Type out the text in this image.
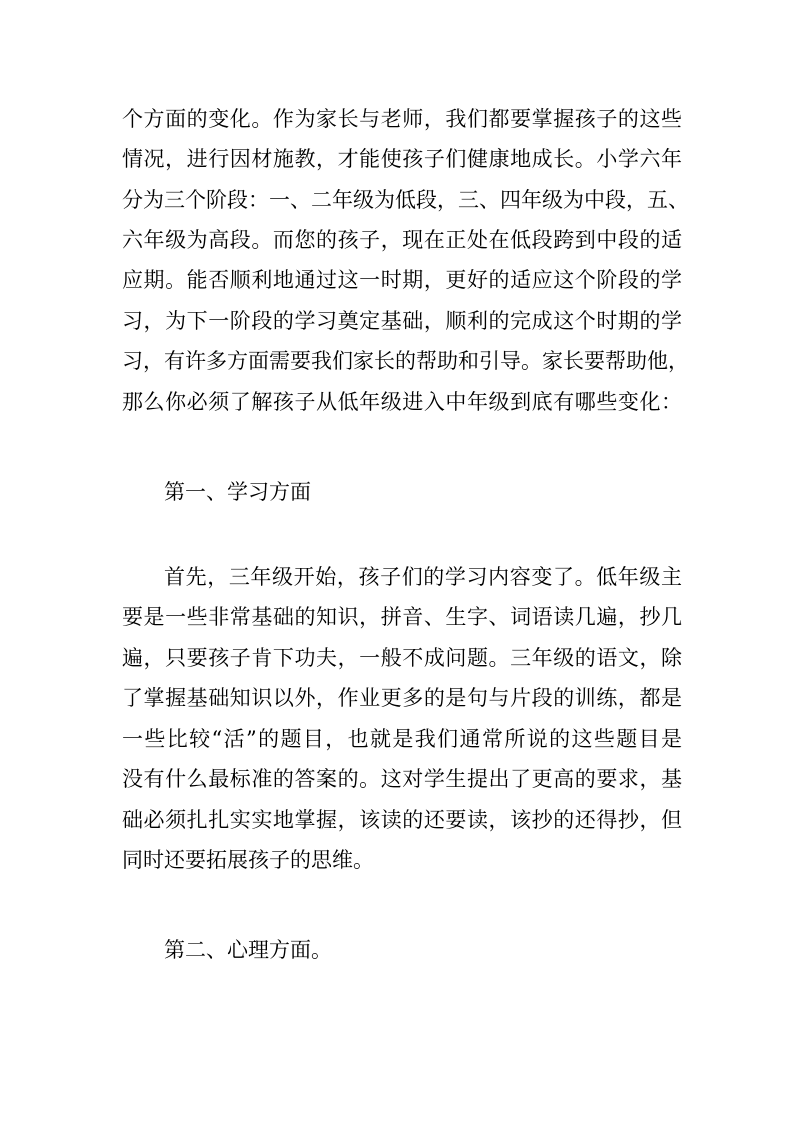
个方面的变化。作为家长与老师，我们都要掌握孩子的这些
情况，进行因材施教，才能使孩子们健康地成长。小学六年
分为三个阶段：一、二年级为低段，三、四年级为中段，五、
六年级为高段。而您的孩子，现在正处在低段跨到中段的适
应期。能否顺利地通过这一时期，更好的适应这个阶段的学
习，为下一阶段的学习奠定基础，顺利的完成这个时期的学
习，有许多方面需要我们家长的帮助和引导。家长要帮助他，
那么你必须了解孩子从低年级进入中年级到底有哪些变化：
第一、学习方面
首先，三年级开始，孩子们的学习内容变了。低年级主
要是一些非常基础的知识，拼音、生字、词语读几遍，抄几
遍，只要孩子肯下功夫，一般不成问题。三年级的语文，除
了掌握基础知识以外，作业更多的是句与片段的训练，都是
一些比较“活”的题目，也就是我们通常所说的这些题目是
没有什么最标准的答案的。这对学生提出了更高的要求，基
础必须扎扎实实地掌握，该读的还要读，该抄的还得抄，但
同时还要拓展孩子的思维。
第二、心理方面。
